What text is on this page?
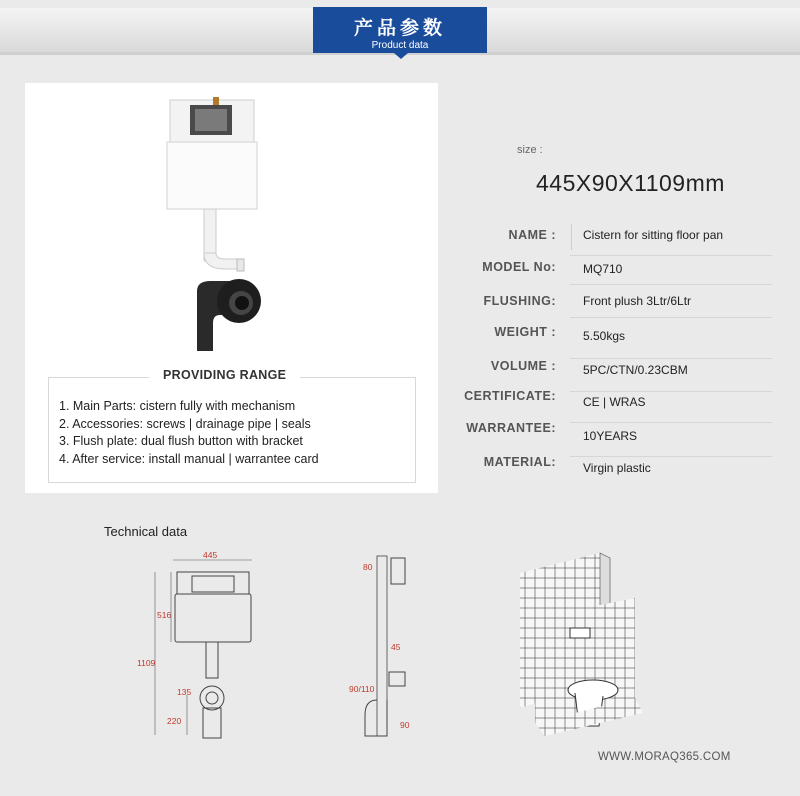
产品参数
Product data
PROVIDING RANGE
1. Main Parts: cistern fully with mechanism
2. Accessories: screws | drainage pipe | seals
3. Flush plate: dual flush button with bracket
4. After service: install manual | warrantee card
size :
445X90X1109mm
NAME : Cistern for sitting floor pan
MODEL No: MQ710
FLUSHING: Front plush 3Ltr/6Ltr
WEIGHT : 5.50kgs
VOLUME : 5PC/CTN/0.23CBM
CERTIFICATE: CE | WRAS
WARRANTEE:
10YEARS
MATERIAL: Virgin plastic
Technical data
445
516
1109
135
220
80
45
90/110
90
WWW.MORAQ365.COM
